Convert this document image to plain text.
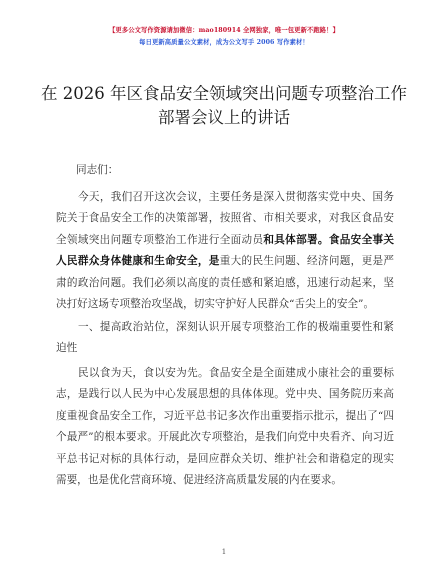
【更多公文写作资源请加微信：mao180914 全网独家，唯一包更新不跑路！】
每日更新高质量公文素材，成为公文写手 2006 写作素材！
在 2026 年区食品安全领域突出问题专项整治工作部署会议上的讲话
同志们：
今天，我们召开这次会议，主要任务是深入贯彻落实党中央、国务院关于食品安全工作的决策部署，按照省、市相关要求，对我区食品安全领域突出问题专项整治工作进行全面动员和具体部署。食品安全事关人民群众身体健康和生命安全，是重大的民生问题、经济问题，更是严肃的政治问题。我们必须以高度的责任感和紧迫感，迅速行动起来，坚决打好这场专项整治攻坚战，切实守护好人民群众“舌尖上的安全”。
一、提高政治站位，深刻认识开展专项整治工作的极端重要性和紧迫性
民以食为天，食以安为先。食品安全是全面建成小康社会的重要标志，是践行以人民为中心发展思想的具体体现。党中央、国务院历来高度重视食品安全工作，习近平总书记多次作出重要指示批示，提出了“四个最严”的根本要求。开展此次专项整治，是我们向党中央看齐、向习近平总书记对标的具体行动，是回应群众关切、维护社会和谐稳定的现实需要，也是优化营商环境、促进经济高质量发展的内在要求。
1
